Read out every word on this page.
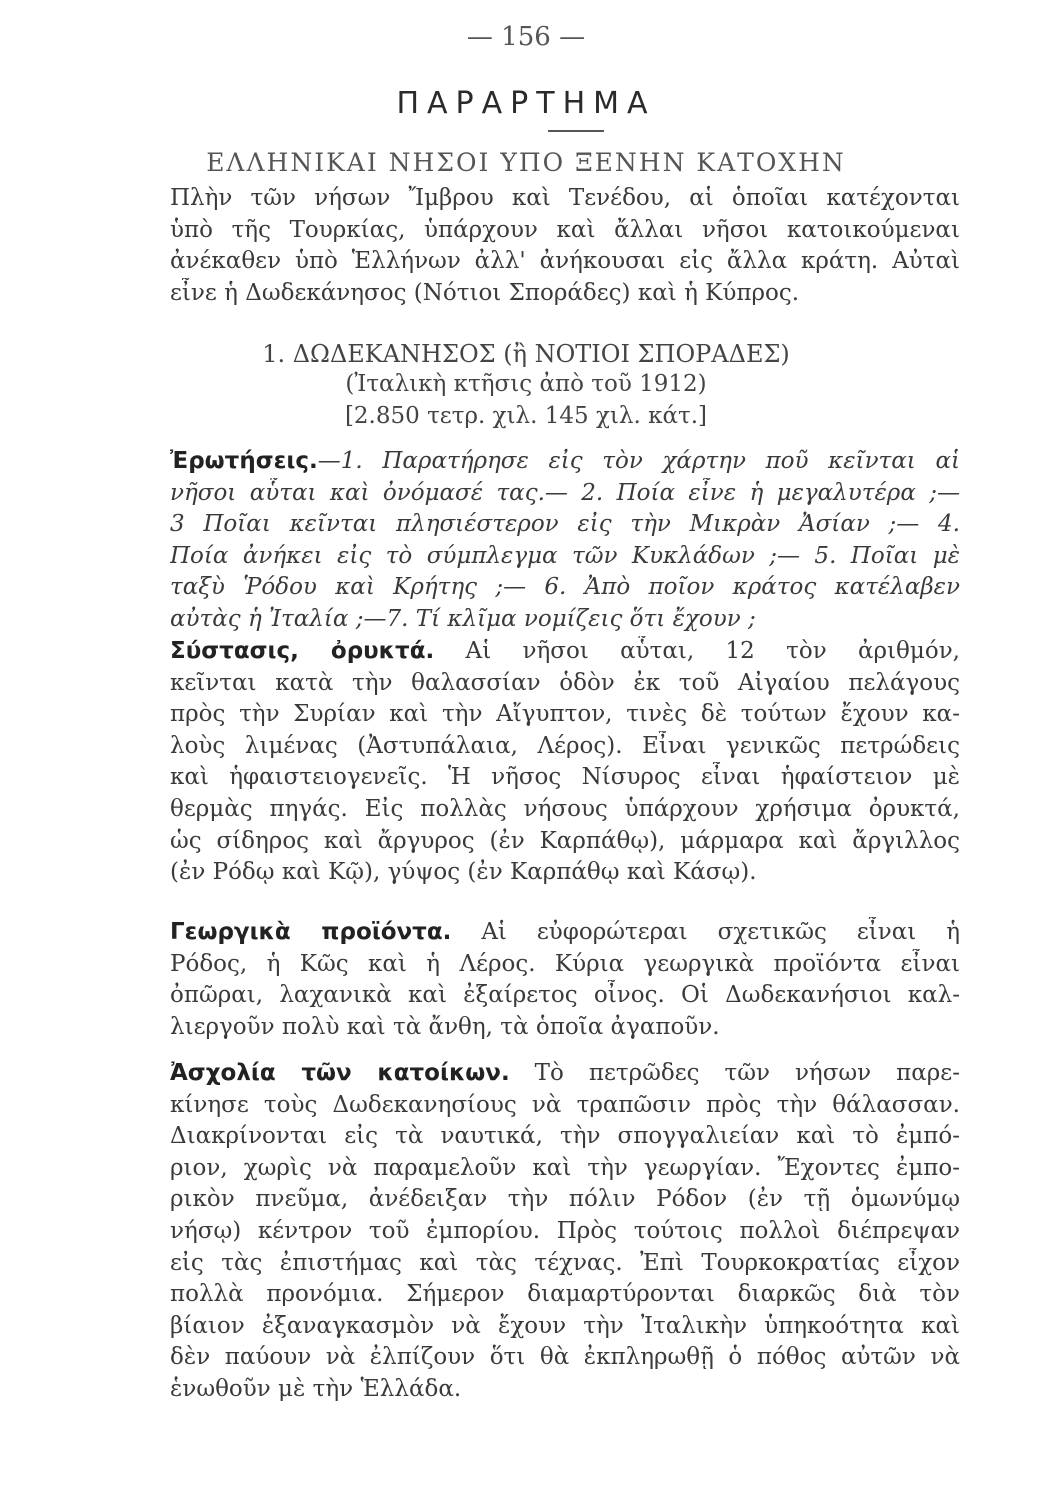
— 156 —
ΠΑΡΑΡΤΗΜΑ
ΕΛΛΗΝΙΚΑΙ ΝΗΣΟΙ ΥΠΟ ΞΕΝΗΝ ΚΑΤΟΧΗΝ
Πλὴν τῶν νήσων Ἴμβρου καὶ Τενέδου, αἱ ὁποῖαι κατέχονται
ὑπὸ τῆς Τουρκίας, ὑπάρχουν καὶ ἄλλαι νῆσοι κατοικούμεναι
ἀνέκαθεν ὑπὸ Ἑλλήνων ἀλλ' ἀνήκουσαι εἰς ἄλλα κράτη. Αὐταὶ
εἶνε ἡ Δωδεκάνησος (Νότιοι Σποράδες) καὶ ἡ Κύπρος.
1. ΔΩΔΕΚΑΝΗΣΟΣ (ἢ ΝΟΤΙΟΙ ΣΠΟΡΑΔΕΣ)
(Ἰταλικὴ κτῆσις ἀπὸ τοῦ 1912)
[2.850 τετρ. χιλ. 145 χιλ. κάτ.]
Ἐρωτήσεις.—1. Παρατήρησε εἰς τὸν χάρτην ποῦ κεῖνται αἱ
νῆσοι αὗται καὶ ὀνόμασέ τας.— 2. Ποία εἶνε ἡ μεγαλυτέρα ;—
3 Ποῖαι κεῖνται πλησιέστερον εἰς τὴν Μικρὰν Ἀσίαν ;— 4.
Ποία ἀνήκει εἰς τὸ σύμπλεγμα τῶν Κυκλάδων ;— 5. Ποῖαι μὲ
ταξὺ Ῥόδου καὶ Κρήτης ;— 6. Ἀπὸ ποῖον κράτος κατέλαβεν
αὐτὰς ἡ Ἰταλία ;—7. Τί κλῖμα νομίζεις ὅτι ἔχουν ;
Σύστασις, ὀρυκτά. Αἱ νῆσοι αὗται, 12 τὸν ἀριθμόν,
κεῖνται κατὰ τὴν θαλασσίαν ὁδὸν ἐκ τοῦ Αἰγαίου πελάγους
πρὸς τὴν Συρίαν καὶ τὴν Αἴγυπτον, τινὲς δὲ τούτων ἔχουν κα-
λοὺς λιμένας (Ἀστυπάλαια, Λέρος). Εἶναι γενικῶς πετρώδεις
καὶ ἡφαιστειογενεῖς. Ἡ νῆσος Νίσυρος εἶναι ἡφαίστειον μὲ
θερμὰς πηγάς. Εἰς πολλὰς νήσους ὑπάρχουν χρήσιμα ὀρυκτά,
ὡς σίδηρος καὶ ἄργυρος (ἐν Καρπάθῳ), μάρμαρα καὶ ἄργιλλος
(ἐν Ρόδῳ καὶ Κῷ), γύψος (ἐν Καρπάθῳ καὶ Κάσῳ).
Γεωργικὰ προϊόντα. Αἱ εὐφορώτεραι σχετικῶς εἶναι ἡ
Ρόδος, ἡ Κῶς καὶ ἡ Λέρος. Κύρια γεωργικὰ προϊόντα εἶναι
ὀπῶραι, λαχανικὰ καὶ ἐξαίρετος οἶνος. Οἱ Δωδεκανήσιοι καλ-
λιεργοῦν πολὺ καὶ τὰ ἄνθη, τὰ ὁποῖα ἀγαποῦν.
Ἀσχολία τῶν κατοίκων. Τὸ πετρῶδες τῶν νήσων παρε-
κίνησε τοὺς Δωδεκανησίους νὰ τραπῶσιν πρὸς τὴν θάλασσαν.
Διακρίνονται εἰς τὰ ναυτικά, τὴν σπογγαλιείαν καὶ τὸ ἐμπό-
ριον, χωρὶς νὰ παραμελοῦν καὶ τὴν γεωργίαν. Ἔχοντες ἐμπο-
ρικὸν πνεῦμα, ἀνέδειξαν τὴν πόλιν Ρόδον (ἐν τῇ ὁμωνύμῳ
νήσῳ) κέντρον τοῦ ἐμπορίου. Πρὸς τούτοις πολλοὶ διέπρεψαν
εἰς τὰς ἐπιστήμας καὶ τὰς τέχνας. Ἐπὶ Τουρκοκρατίας εἶχον
πολλὰ προνόμια. Σήμερον διαμαρτύρονται διαρκῶς διὰ τὸν
βίαιον ἐξαναγκασμὸν νὰ ἔχουν τὴν Ἰταλικὴν ὑπηκοότητα καὶ
δὲν παύουν νὰ ἐλπίζουν ὅτι θὰ ἐκπληρωθῇ ὁ πόθος αὐτῶν νὰ
ἑνωθοῦν μὲ τὴν Ἑλλάδα.
